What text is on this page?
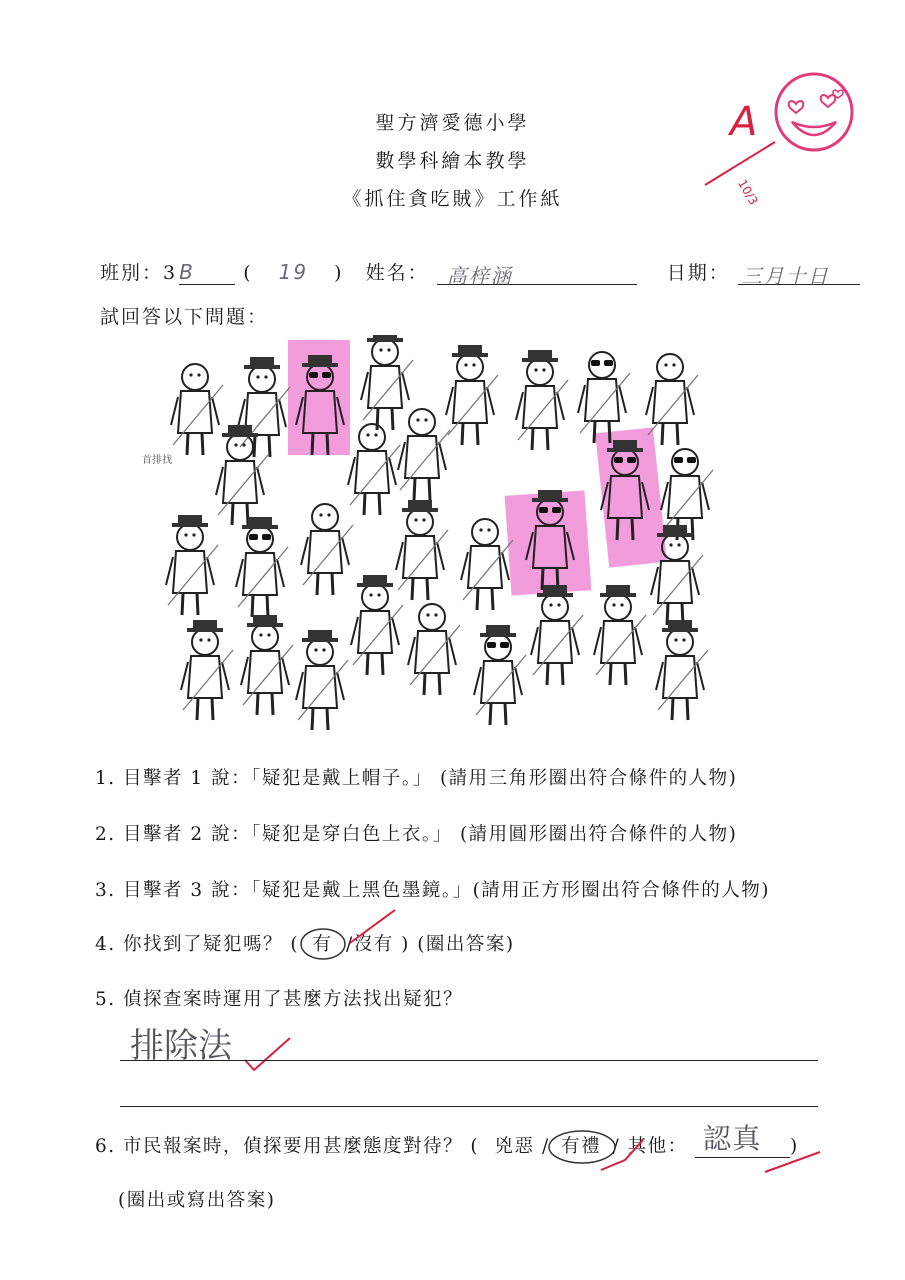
聖方濟愛德小學
數學科繪本教學
《抓住貪吃賊》工作紙
A
10/3
班別：3 B	( 19 ) 姓名： 高梓涵	日期： 三月十日
試回答以下問題：
首排找
1. 目擊者 1 說：「疑犯是戴上帽子。」 (請用三角形圈出符合條件的人物)
2. 目擊者 2 說：「疑犯是穿白色上衣。」 (請用圓形圈出符合條件的人物)
3. 目擊者 3 說：「疑犯是戴上黑色墨鏡。」(請用正方形圈出符合條件的人物)
4. 你找到了疑犯嗎？ ( 有 /沒有 ) (圈出答案)
5. 偵探查案時運用了甚麼方法找出疑犯？
排除法
6. 市民報案時，偵探要用甚麼態度對待？ ( 兇惡 / 有禮 / 其他： 認真 )
(圈出或寫出答案)
